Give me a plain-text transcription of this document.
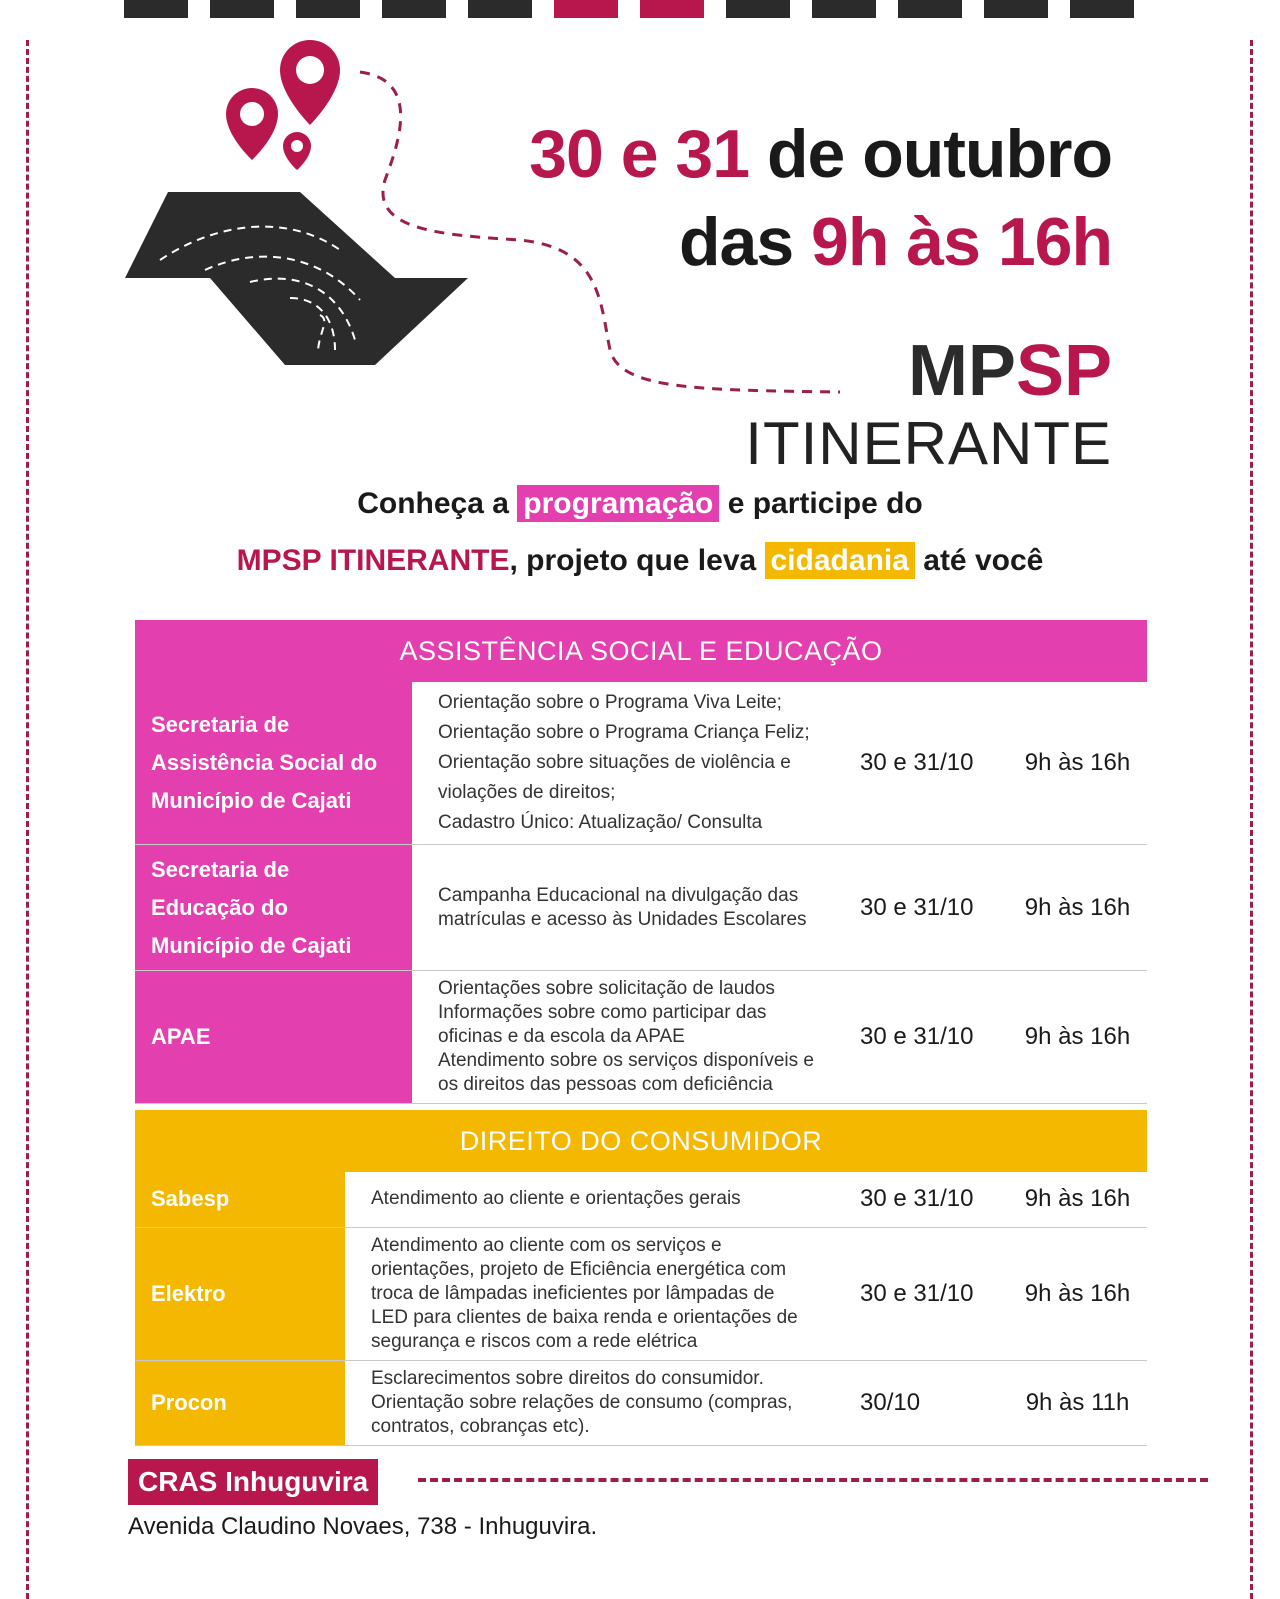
30 e 31 de outubro
das 9h às 16h
MPSP
ITINERANTE
Conheça a programação e participe do
MPSP ITINERANTE, projeto que leva cidadania até você
ASSISTÊNCIA SOCIAL E EDUCAÇÃO			

Secretaria de
Assistência Social do
Município de Cajati	Orientação sobre o Programa Viva Leite;
Orientação sobre o Programa Criança Feliz;
Orientação sobre situações de violência e
violações de direitos;
Cadastro Único: Atualização/ Consulta	30 e 31/10	9h às 16h

Secretaria de
Educação do
Município de Cajati	Campanha Educacional na divulgação das
matrículas e acesso às Unidades Escolares	30 e 31/10	9h às 16h

APAE	Orientações sobre solicitação de laudos
Informações sobre como participar das
oficinas e da escola da APAE
Atendimento sobre os serviços disponíveis e
os direitos das pessoas com deficiência	30 e 31/10	9h às 16h
DIREITO DO CONSUMIDOR			

Sabesp	Atendimento ao cliente e orientações gerais	30 e 31/10	9h às 16h

Elektro	Atendimento ao cliente com os serviços e
orientações, projeto de Eficiência energética com
troca de lâmpadas ineficientes por lâmpadas de
LED para clientes de baixa renda e orientações de
segurança e riscos com a rede elétrica	30 e 31/10	9h às 16h

Procon	Esclarecimentos sobre direitos do consumidor.
Orientação sobre relações de consumo (compras,
contratos, cobranças etc).	30/10	9h às 11h
CRAS Inhuguvira
Avenida Claudino Novaes, 738 - Inhuguvira.
